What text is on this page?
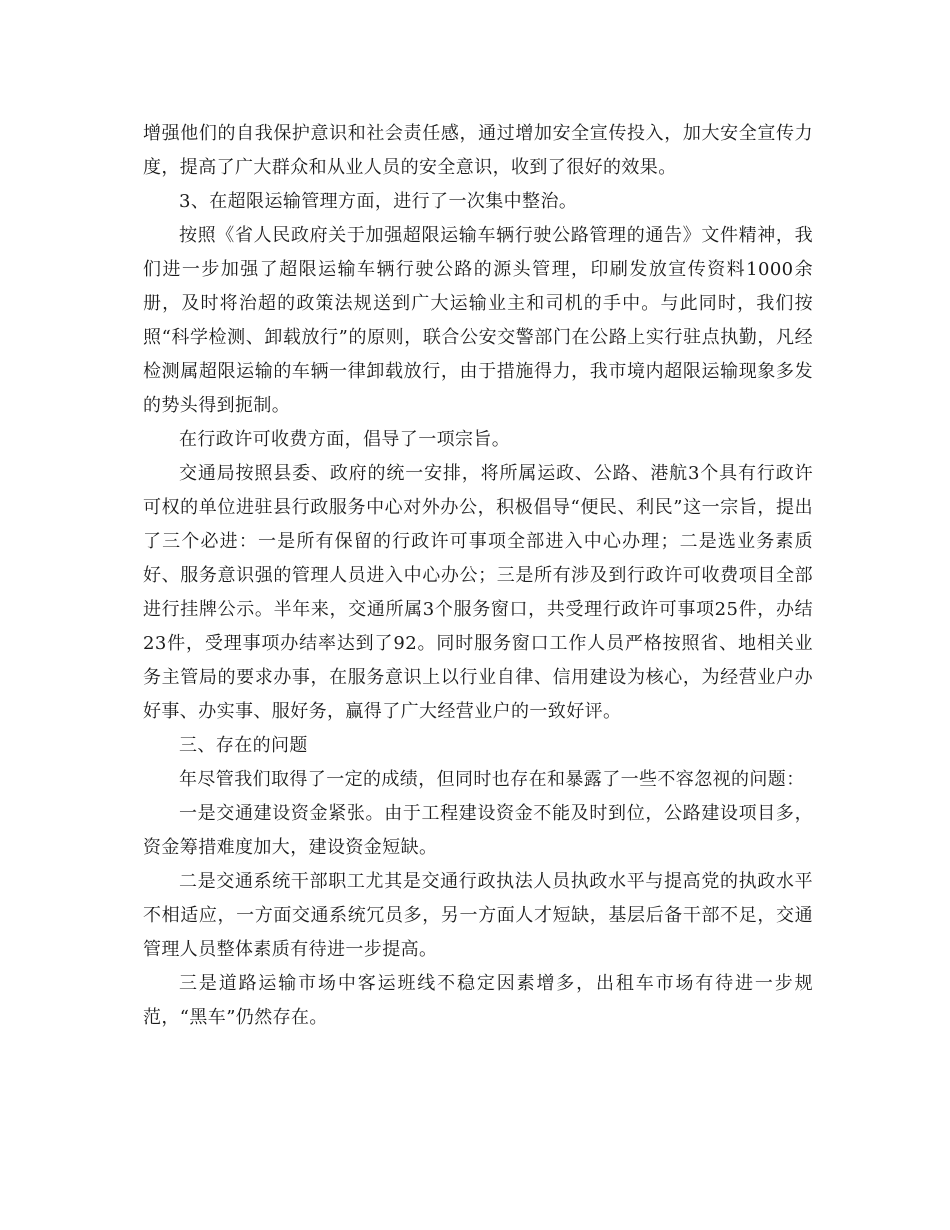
增强他们的自我保护意识和社会责任感，通过增加安全宣传投入，加大安全宣传力度，提高了广大群众和从业人员的安全意识，收到了很好的效果。

3、在超限运输管理方面，进行了一次集中整治。

按照《省人民政府关于加强超限运输车辆行驶公路管理的通告》文件精神，我们进一步加强了超限运输车辆行驶公路的源头管理，印刷发放宣传资料1000余册，及时将治超的政策法规送到广大运输业主和司机的手中。与此同时，我们按照“科学检测、卸载放行”的原则，联合公安交警部门在公路上实行驻点执勤，凡经检测属超限运输的车辆一律卸载放行，由于措施得力，我市境内超限运输现象多发的势头得到扼制。

在行政许可收费方面，倡导了一项宗旨。

交通局按照县委、政府的统一安排，将所属运政、公路、港航3个具有行政许可权的单位进驻县行政服务中心对外办公，积极倡导“便民、利民”这一宗旨，提出了三个必进：一是所有保留的行政许可事项全部进入中心办理；二是选业务素质好、服务意识强的管理人员进入中心办公；三是所有涉及到行政许可收费项目全部进行挂牌公示。半年来，交通所属3个服务窗口，共受理行政许可事项25件，办结23件，受理事项办结率达到了92。同时服务窗口工作人员严格按照省、地相关业务主管局的要求办事，在服务意识上以行业自律、信用建设为核心，为经营业户办好事、办实事、服好务，赢得了广大经营业户的一致好评。

三、存在的问题

年尽管我们取得了一定的成绩，但同时也存在和暴露了一些不容忽视的问题：

一是交通建设资金紧张。由于工程建设资金不能及时到位，公路建设项目多，资金筹措难度加大，建设资金短缺。

二是交通系统干部职工尤其是交通行政执法人员执政水平与提高党的执政水平不相适应，一方面交通系统冗员多，另一方面人才短缺，基层后备干部不足，交通管理人员整体素质有待进一步提高。

三是道路运输市场中客运班线不稳定因素增多，出租车市场有待进一步规范，“黑车”仍然存在。
